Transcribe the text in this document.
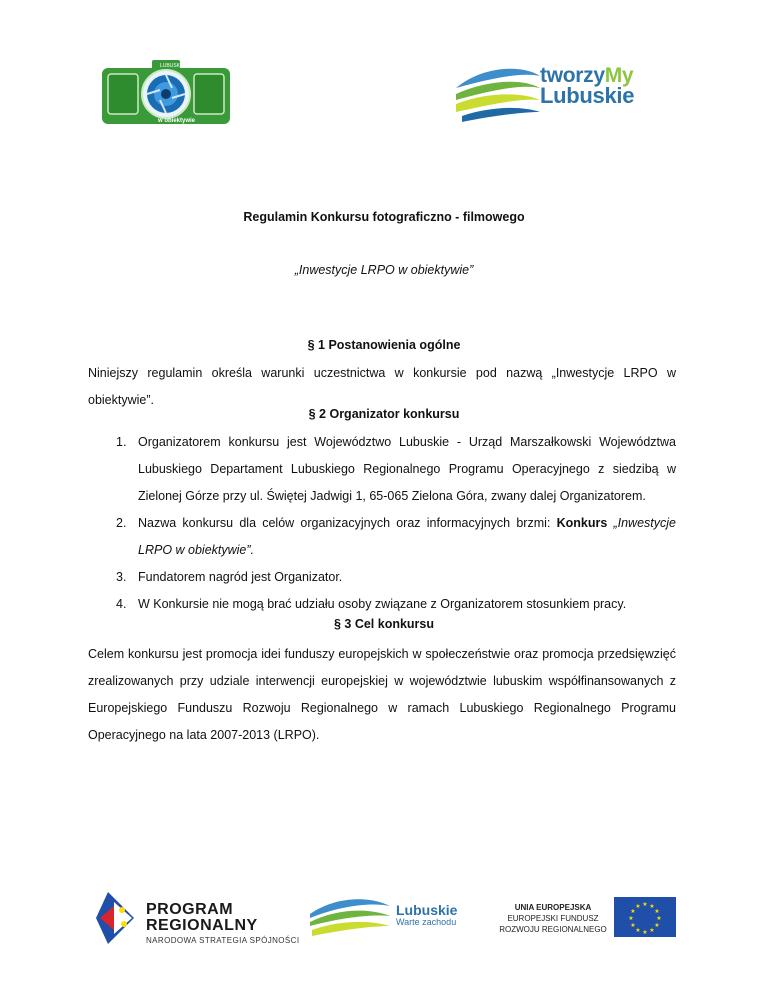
LUBUSKIE
w obiektywie
tworzyMy
Lubuskie
Regulamin Konkursu fotograficzno - filmowego
„Inwestycje LRPO w obiektywie”
§ 1 Postanowienia ogólne
Niniejszy regulamin określa warunki uczestnictwa w konkursie pod nazwą „Inwestycje LRPO w obiektywie”.
§ 2 Organizator konkursu
1. Organizatorem konkursu jest Województwo Lubuskie - Urząd Marszałkowski Województwa Lubuskiego Departament Lubuskiego Regionalnego Programu Operacyjnego z siedzibą w Zielonej Górze przy ul. Świętej Jadwigi 1, 65-065 Zielona Góra, zwany dalej Organizatorem.
2. Nazwa konkursu dla celów organizacyjnych oraz informacyjnych brzmi: Konkurs „Inwestycje LRPO w obiektywie”.
3. Fundatorem nagród jest Organizator.
4. W Konkursie nie mogą brać udziału osoby związane z Organizatorem stosunkiem pracy.
§ 3 Cel konkursu
Celem konkursu jest promocja idei funduszy europejskich w społeczeństwie oraz promocja przedsięwzięć zrealizowanych przy udziale interwencji europejskiej w województwie lubuskim współfinansowanych z Europejskiego Funduszu Rozwoju Regionalnego w ramach Lubuskiego Regionalnego Programu Operacyjnego na lata 2007-2013 (LRPO).
PROGRAM
REGIONALNY
NARODOWA STRATEGIA SPÓJNOŚCI
Lubuskie
Warte zachodu
UNIA EUROPEJSKA
EUROPEJSKI FUNDUSZ
ROZWOJU REGIONALNEGO
★ ★
★
★
★
★
★
★
★
★
★
★
